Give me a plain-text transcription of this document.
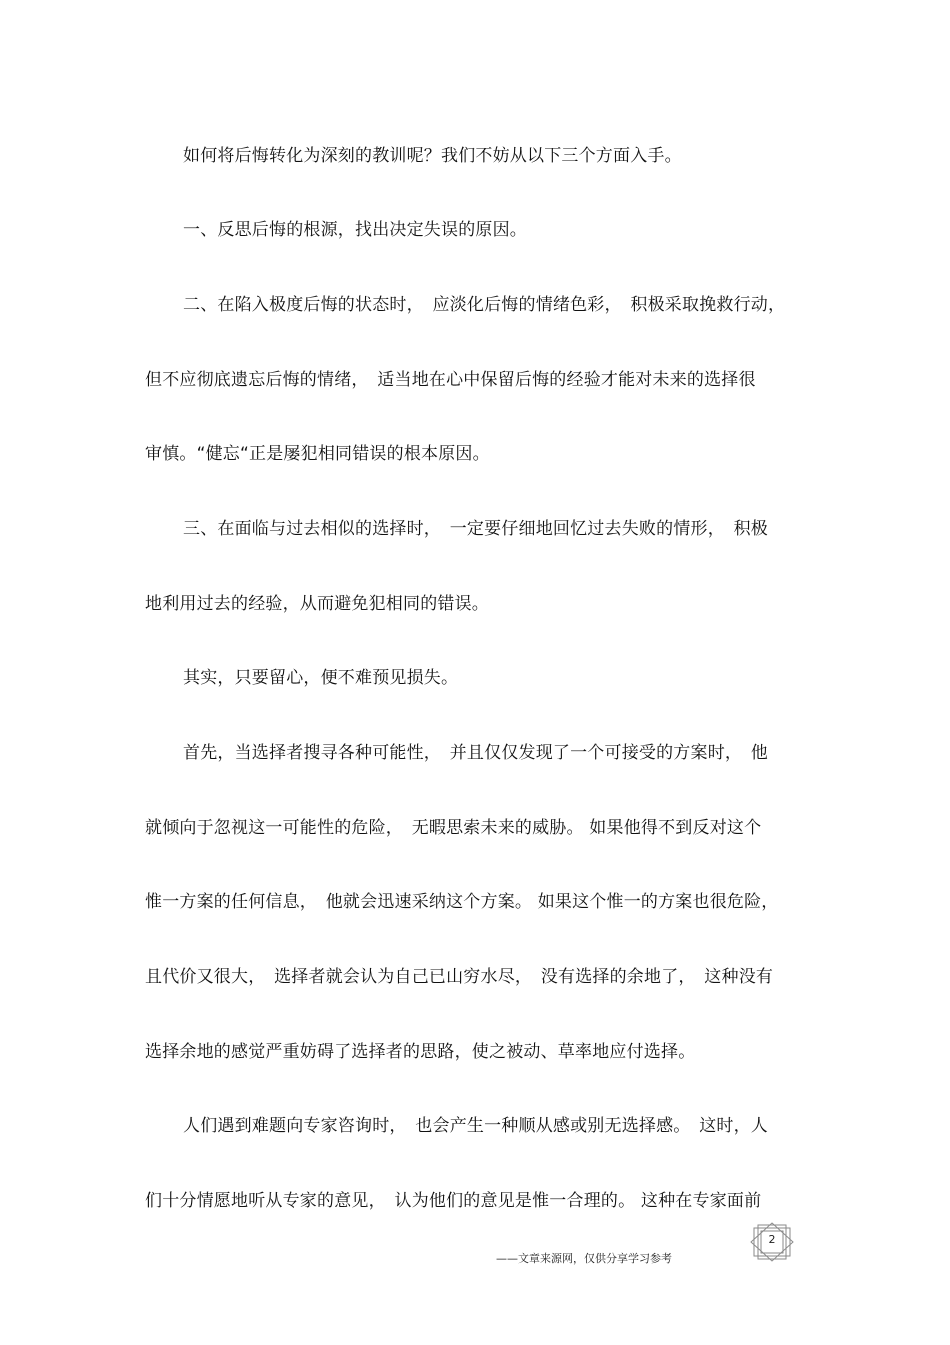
如何将后悔转化为深刻的教训呢？我们不妨从以下三个方面入手。
一、反思后悔的根源，找出决定失误的原因。
二、在陷入极度后悔的状态时，　应淡化后悔的情绪色彩，　积极采取挽救行动，
但不应彻底遗忘后悔的情绪，　适当地在心中保留后悔的经验才能对未来的选择很
审慎。“健忘“正是屡犯相同错误的根本原因。
三、在面临与过去相似的选择时，　一定要仔细地回忆过去失败的情形，　积极
地利用过去的经验，从而避免犯相同的错误。
其实，只要留心，便不难预见损失。
首先，当选择者搜寻各种可能性，　并且仅仅发现了一个可接受的方案时，　他
就倾向于忽视这一可能性的危险，　无暇思索未来的威胁。 如果他得不到反对这个
惟一方案的任何信息，　他就会迅速采纳这个方案。 如果这个惟一的方案也很危险，
且代价又很大，　选择者就会认为自己已山穷水尽，　没有选择的余地了，　这种没有
选择余地的感觉严重妨碍了选择者的思路，使之被动、草率地应付选择。
人们遇到难题向专家咨询时，　也会产生一种顺从感或别无选择感。　这时，人
们十分情愿地听从专家的意见，　认为他们的意见是惟一合理的。 这种在专家面前
——文章来源网，仅供分享学习参考
2
